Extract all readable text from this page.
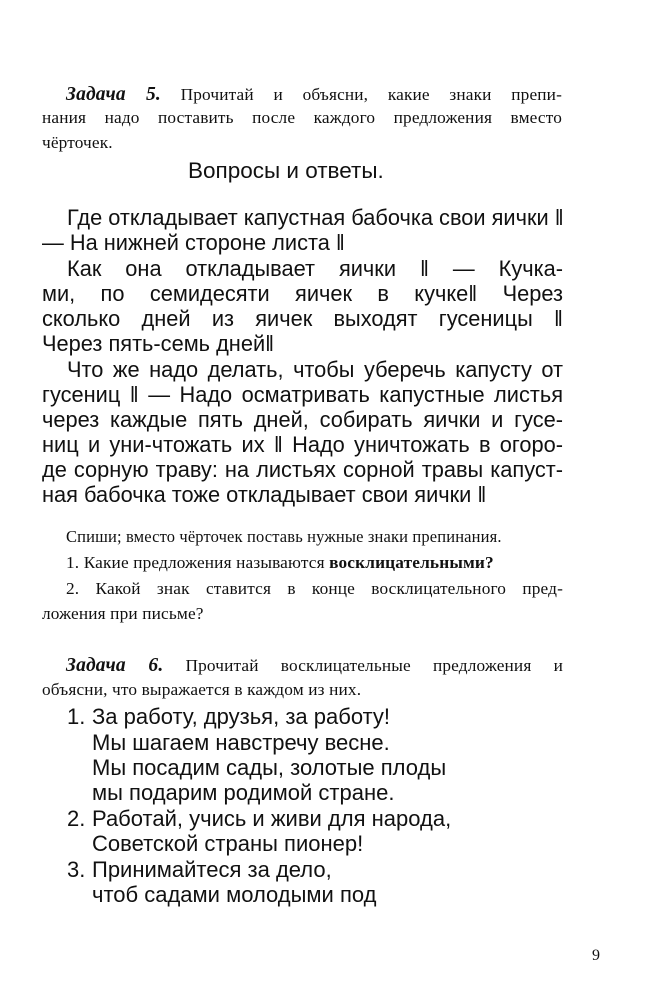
Задача 5. Прочитай и объясни, какие знаки препи-
нания надо поставить после каждого предложения вместо
чёрточек.
Вопросы и ответы.
Где откладывает капустная бабочка свои яички ‖
— На нижней стороне листа ‖
Как она откладывает яички ‖ — Кучка-
ми, по семидесяти яичек в кучке‖ Через
сколько дней из яичек выходят гусеницы ‖
Через пять-семь дней‖
Что же надо делать, чтобы уберечь капусту от
гусениц ‖ — Надо осматривать капустные листья
через каждые пять дней, собирать яички и гусе-
ниц и уни-чтожать их ‖ Надо уничтожать в огоро-
де сорную траву: на листьях сорной травы капуст-
ная бабочка тоже откладывает свои яички ‖
Спиши; вместо чёрточек поставь нужные знаки препинания.
1. Какие предложения называются восклицательными?
2. Какой знак ставится в конце восклицательного пред-
ложения при письме?
Задача 6. Прочитай восклицательные предложения и
объясни, что выражается в каждом из них.
1. За работу, друзья, за работу!
Мы шагаем навстречу весне.
Мы посадим сады, золотые плоды
мы подарим родимой стране.
2. Работай, учись и живи для народа,
Советской страны пионер!
3. Принимайтеся за дело,
чтоб садами молодыми под
9
